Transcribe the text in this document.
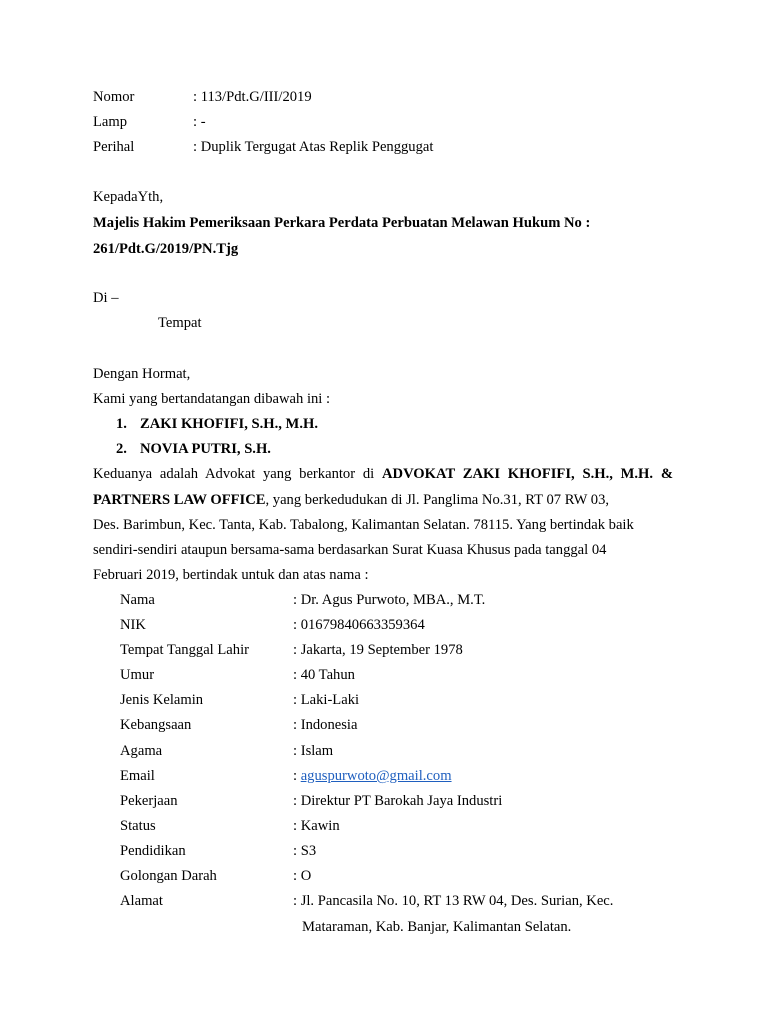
Nomor	: 113/Pdt.G/III/2019
Lamp	: -
Perihal	: Duplik Tergugat Atas Replik Penggugat
KepadaYth,
Majelis Hakim Pemeriksaan Perkara Perdata Perbuatan Melawan Hukum No :
261/Pdt.G/2019/PN.Tjg
Di –
Tempat
Dengan Hormat,
Kami yang bertandatangan dibawah ini :
1. ZAKI KHOFIFI, S.H., M.H.
2. NOVIA PUTRI, S.H.
Keduanya adalah Advokat yang berkantor di ADVOKAT ZAKI KHOFIFI, S.H., M.H. &
PARTNERS LAW OFFICE, yang berkedudukan di Jl. Panglima No.31, RT 07 RW 03,
Des. Barimbun, Kec. Tanta, Kab. Tabalong, Kalimantan Selatan. 78115. Yang bertindak baik
sendiri-sendiri ataupun bersama-sama berdasarkan Surat Kuasa Khusus pada tanggal 04
Februari 2019, bertindak untuk dan atas nama :
Nama	: Dr. Agus Purwoto, MBA., M.T.
NIK	: 01679840663359364
Tempat Tanggal Lahir	: Jakarta, 19 September 1978
Umur	: 40 Tahun
Jenis Kelamin	: Laki-Laki
Kebangsaan	: Indonesia
Agama	: Islam
Email	: aguspurwoto@gmail.com
Pekerjaan	: Direktur PT Barokah Jaya Industri
Status	: Kawin
Pendidikan	: S3
Golongan Darah	: O
Alamat	: Jl. Pancasila No. 10, RT 13 RW 04, Des. Surian, Kec.
Mataraman, Kab. Banjar, Kalimantan Selatan.
